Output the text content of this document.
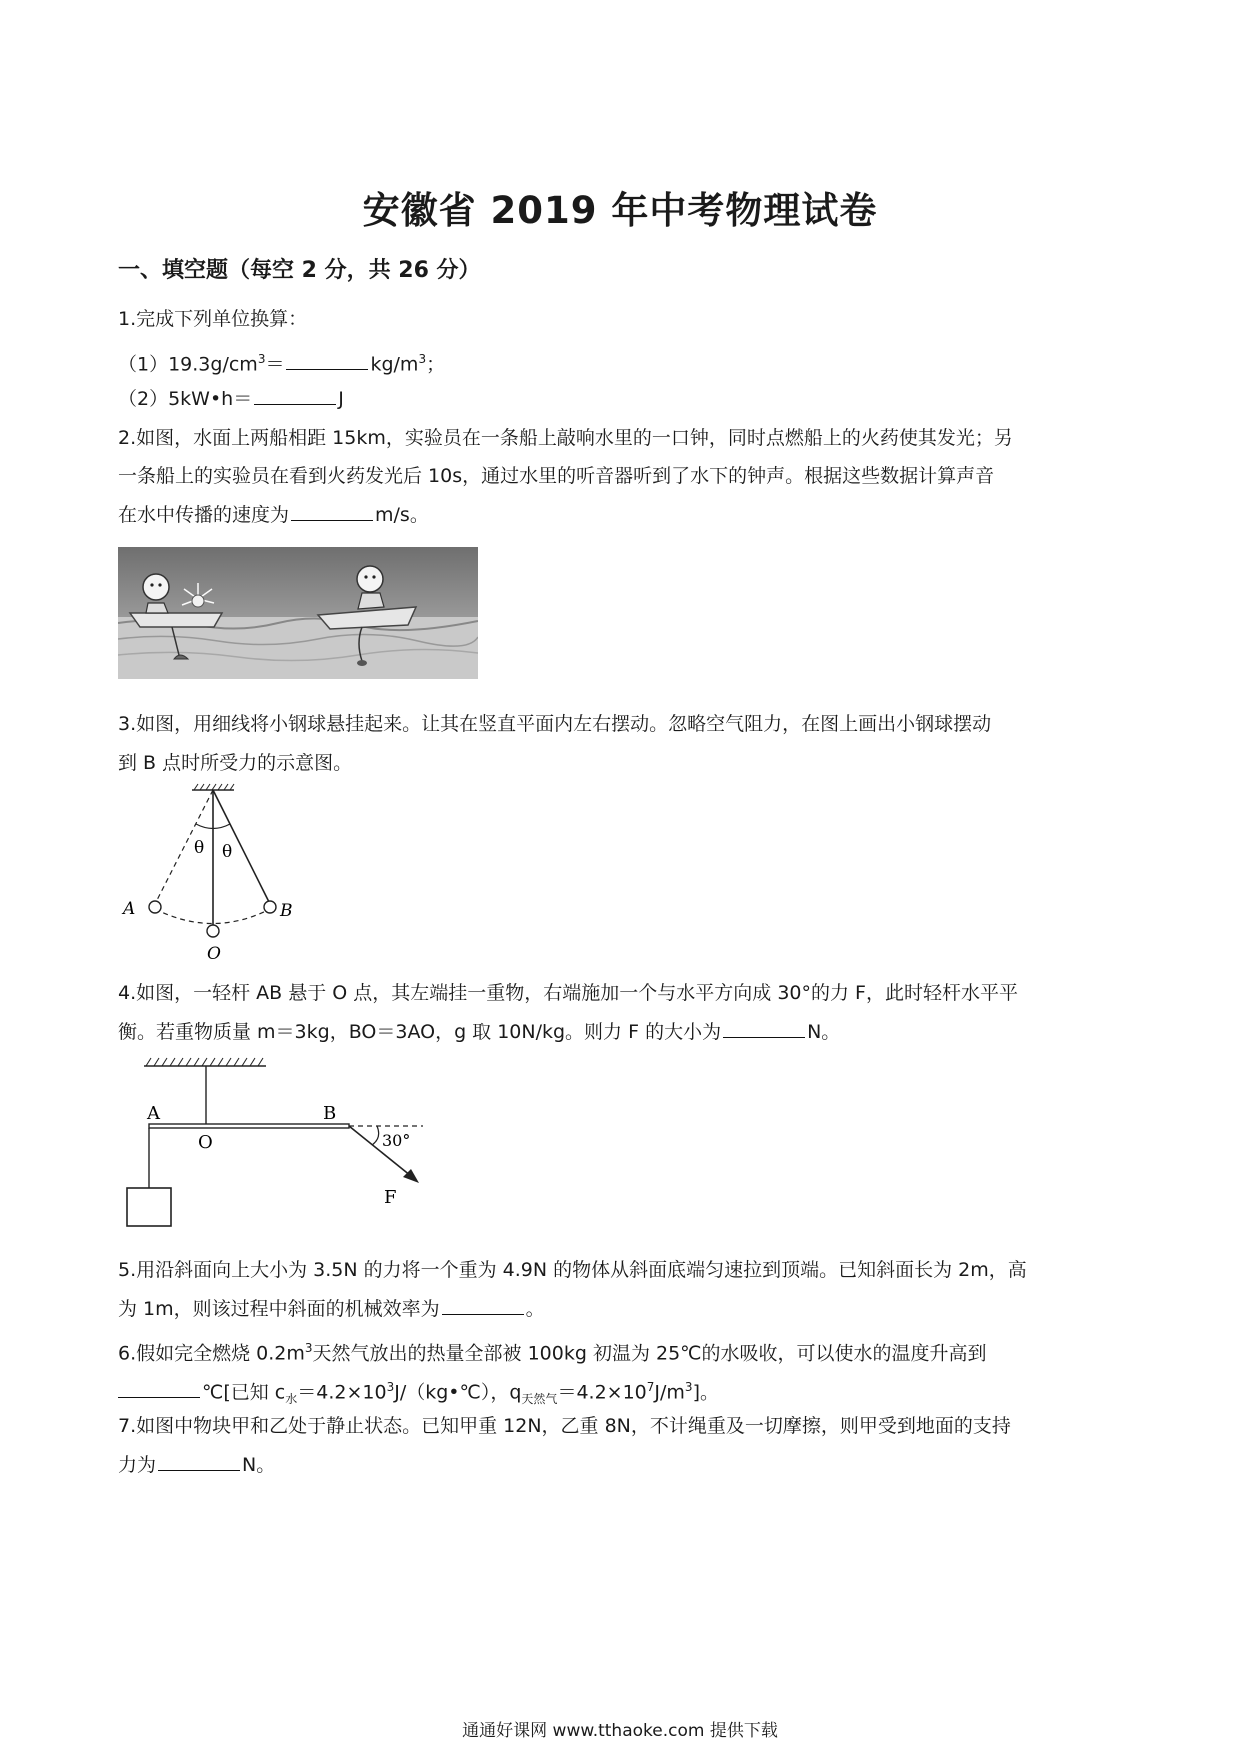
安徽省 2019 年中考物理试卷
一、填空题（每空 2 分，共 26 分）
1.完成下列单位换算：
$(1)19.3g/cm^3=$	$kg/m^3$；
（2）5kW•h＝	J
2.如图，水面上两船相距 15km，实验员在一条船上敲响水里的一口钟，同时点燃船上的火药使其发光；另
一条船上的实验员在看到火药发光后 10s，通过水里的听音器听到了水下的钟声。根据这些数据计算声音
在水中传播的速度为	m/s。
3.如图，用细线将小钢球悬挂起来。让其在竖直平面内左右摆动。忽略空气阻力，在图上画出小钢球摆动
到 B 点时所受力的示意图。
θ θ
A	B
O
4.如图，一轻杆 AB 悬于 O 点，其左端挂一重物，右端施加一个与水平方向成 30°的力 F，此时轻杆水平平
衡。若重物质量 m＝3kg，BO＝3AO，g 取 10N/kg。则力 F 的大小为	N。
A	B
O	30°
F
5.用沿斜面向上大小为 3.5N 的力将一个重为 4.9N 的物体从斜面底端匀速拉到顶端。已知斜面长为 2m，高
为 1m，则该过程中斜面的机械效率为	。
6.假如完全燃烧 $0.2m^3$天然气放出的热量全部被 100kg 初温为 25℃的水吸收，可以使水的温度升高到
℃[已知 $c_水=4.2\times 10^3J/(kg•℃)$，$q_{天然气}=4.2\times 10^7J/m^3$]。
7.如图中物块甲和乙处于静止状态。已知甲重 12N，乙重 8N，不计绳重及一切摩擦，则甲受到地面的支持
力为	N。
通通好课网 www.tthaoke.com 提供下载
